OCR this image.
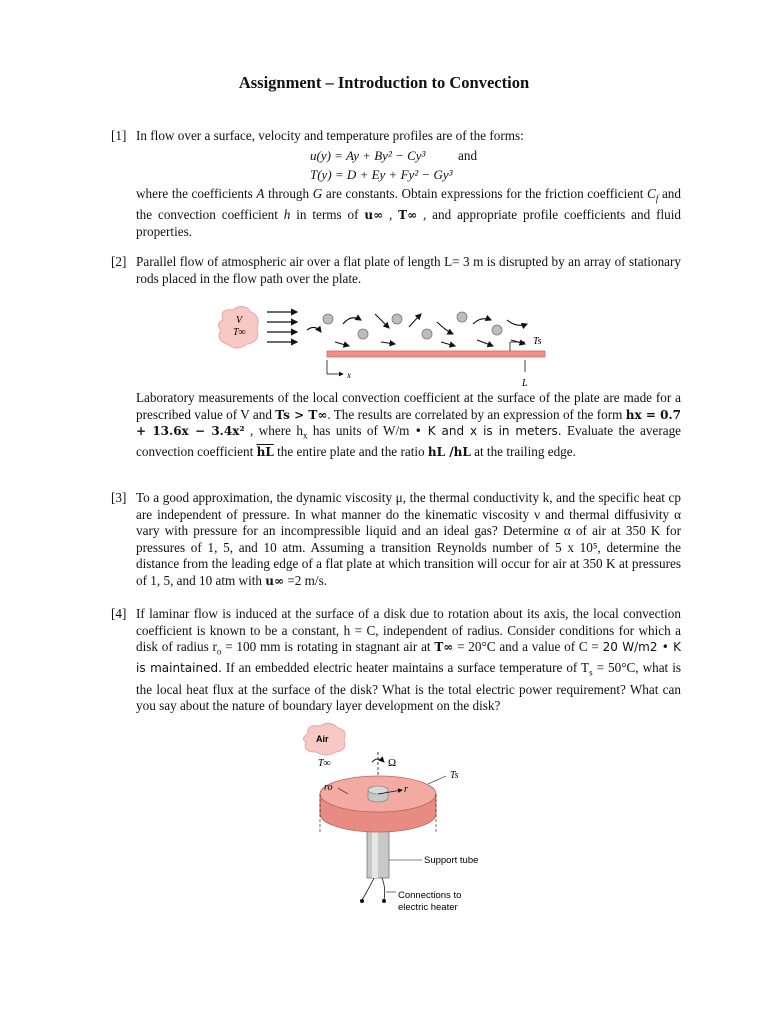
Assignment – Introduction to Convection
[1] In flow over a surface, velocity and temperature profiles are of the forms:
u(y) = Ay + By² − Cy³ and
T(y) = D + Ey + Fy² − Gy³
where the coefficients A through G are constants. Obtain expressions for the friction coefficient $C_f$ and the convection coefficient h in terms of u∞ , T∞ , and appropriate profile coefficients and fluid properties.
[2] Parallel flow of atmospheric air over a flat plate of length L= 3 m is disrupted by an array of stationary rods placed in the flow path over the plate.
V
T∞
Ts
x
L
Laboratory measurements of the local convection coefficient at the surface of the plate are made for a prescribed value of V and Ts > T∞. The results are correlated by an expression of the form hx = 0.7 + 13.6x − 3.4x² , where $h_x$ has units of W/m • K and x is in meters. Evaluate the average convection coefficient $\overline{hL}$ the entire plate and the ratio hL /hL at the trailing edge.
[3] To a good approximation, the dynamic viscosity μ, the thermal conductivity k, and the specific heat cp are independent of pressure. In what manner do the kinematic viscosity ν and thermal diffusivity α vary with pressure for an incompressible liquid and an ideal gas? Determine α of air at 350 K for pressures of 1, 5, and 10 atm. Assuming a transition Reynolds number of 5 x 10⁵, determine the distance from the leading edge of a flat plate at which transition will occur for air at 350 K at pressures of 1, 5, and 10 atm with u∞ =2 m/s.
[4] If laminar flow is induced at the surface of a disk due to rotation about its axis, the local convection coefficient is known to be a constant, h = C, independent of radius. Consider conditions for which a disk of radius $r_o = 100$ mm is rotating in stagnant air at T∞ = 20°C and a value of C = 20 W/m2 • K is maintained. If an embedded electric heater maintains a surface temperature of $T_s = 50^\circ C$, what is the local heat flux at the surface of the disk? What is the total electric power requirement? What can you say about the nature of boundary layer development on the disk?
Air
T∞	Ω
r
ro
Ts
Support tube
Connections to
electric heater
